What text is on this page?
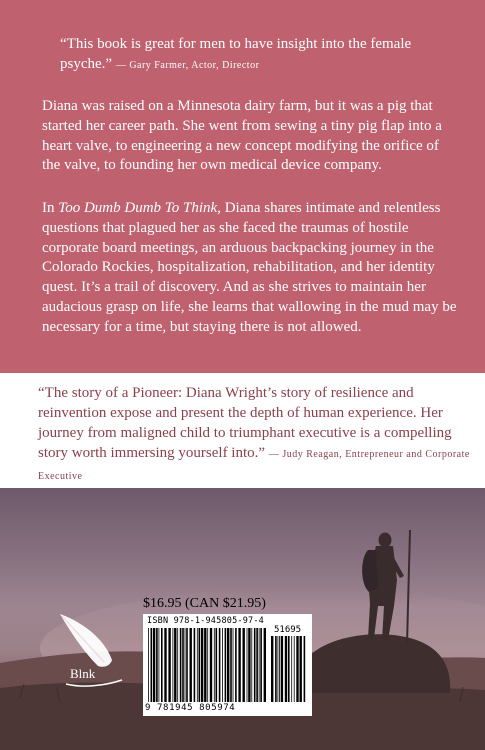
“This book is great for men to have insight into the female psyche.” — Gary Farmer, Actor, Director
Diana was raised on a Minnesota dairy farm, but it was a pig that started her career path. She went from sewing a tiny pig flap into a heart valve, to engineering a new concept modifying the orifice of the valve, to founding her own medical device company.
In Too Dumb Dumb To Think, Diana shares intimate and relentless questions that plagued her as she faced the traumas of hostile corporate board meetings, an arduous backpacking journey in the Colorado Rockies, hospitalization, rehabilitation, and her identity quest. It’s a trail of discovery. And as she strives to maintain her audacious grasp on life, she learns that wallowing in the mud may be necessary for a time, but staying there is not allowed.
“The story of a Pioneer: Diana Wright’s story of resilience and reinvention expose and present the depth of human experience. Her journey from maligned child to triumphant executive is a compelling story worth immersing yourself into.” — Judy Reagan, Entrepreneur and Corporate Executive
Blnk
$16.95 (CAN $21.95)
ISBN 978-1-945805-97-4
51695
9 781945 805974
